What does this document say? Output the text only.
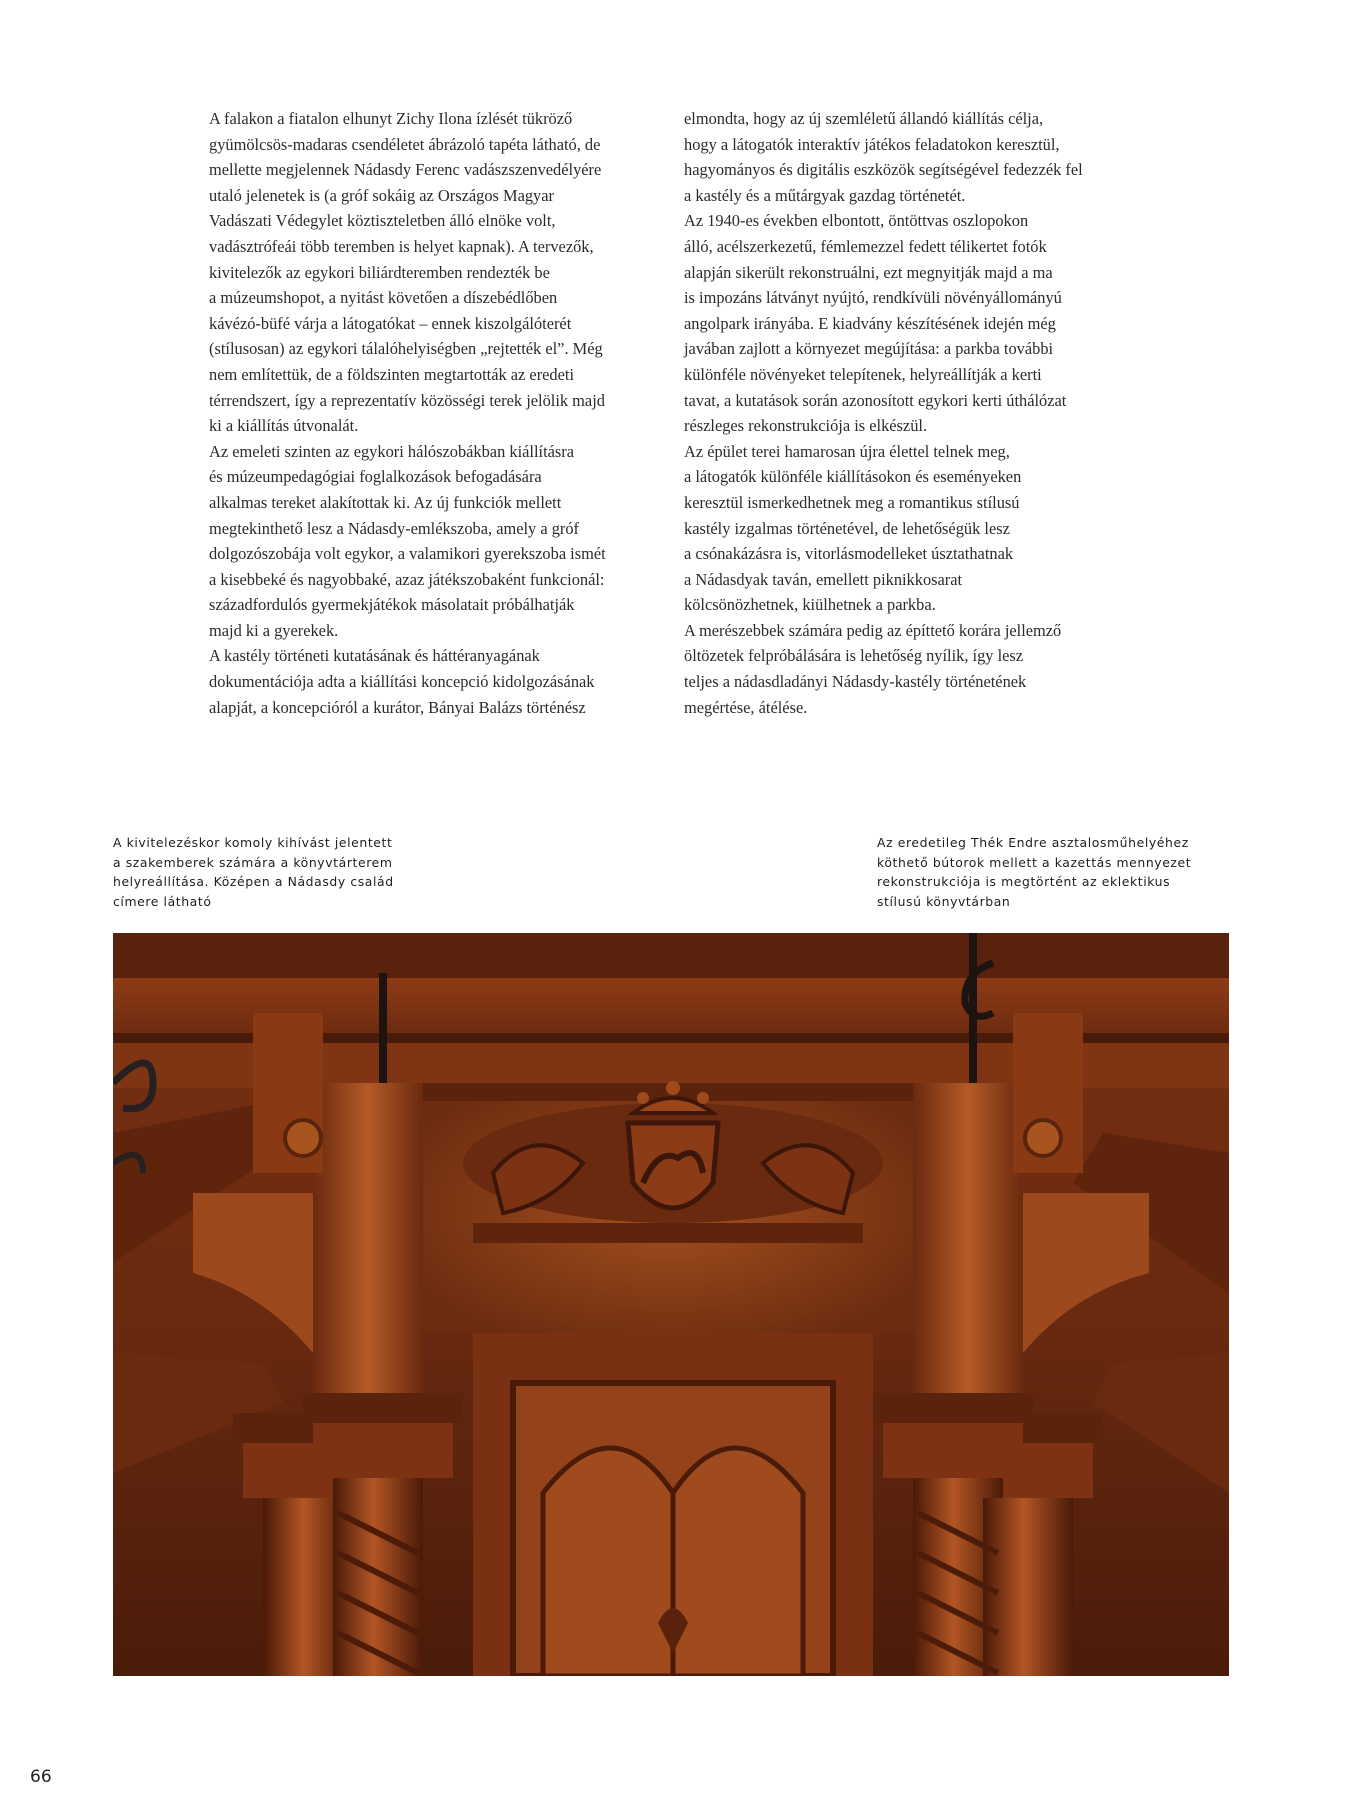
A falakon a fiatalon elhunyt Zichy Ilona ízlését tükröző

gyümölcsös-madaras csendéletet ábrázoló tapéta látható, de

mellette megjelennek Nádasdy Ferenc vadászszenvedélyére

utaló jelenetek is (a gróf sokáig az Országos Magyar

Vadászati Védegylet köztiszteletben álló elnöke volt,

vadásztrófeái több teremben is helyet kapnak). A tervezők,

kivitelezők az egykori biliárdteremben rendezték be

a múzeumshopot, a nyitást követően a díszebédlőben

kávézó-büfé várja a látogatókat – ennek kiszolgálóterét

(stílusosan) az egykori tálalóhelyiségben „rejtették el”. Még

nem említettük, de a földszinten megtartották az eredeti

térrendszert, így a reprezentatív közösségi terek jelölik majd

ki a kiállítás útvonalát.

Az emeleti szinten az egykori hálószobákban kiállításra

és múzeumpedagógiai foglalkozások befogadására

alkalmas tereket alakítottak ki. Az új funkciók mellett

megtekinthető lesz a Nádasdy-emlékszoba, amely a gróf

dolgozószobája volt egykor, a valamikori gyerekszoba ismét

a kisebbeké és nagyobbaké, azaz játékszobaként funkcionál:

századfordulós gyermekjátékok másolatait próbálhatják

majd ki a gyerekek.

A kastély történeti kutatásának és háttéranyagának

dokumentációja adta a kiállítási koncepció kidolgozásának

alapját, a koncepcióról a kurátor, Bányai Balázs történész

elmondta, hogy az új szemléletű állandó kiállítás célja,

hogy a látogatók interaktív játékos feladatokon keresztül,

hagyományos és digitális eszközök segítségével fedezzék fel

a kastély és a műtárgyak gazdag történetét.

Az 1940-es években elbontott, öntöttvas oszlopokon

álló, acélszerkezetű, fémlemezzel fedett télikertet fotók

alapján sikerült rekonstruálni, ezt megnyitják majd a ma

is impozáns látványt nyújtó, rendkívüli növényállományú

angolpark irányába. E kiadvány készítésének idején még

javában zajlott a környezet megújítása: a parkba további

különféle növényeket telepítenek, helyreállítják a kerti

tavat, a kutatások során azonosított egykori kerti úthálózat

részleges rekonstrukciója is elkészül.

Az épület terei hamarosan újra élettel telnek meg,

a látogatók különféle kiállításokon és eseményeken

keresztül ismerkedhetnek meg a romantikus stílusú

kastély izgalmas történetével, de lehetőségük lesz

a csónakázásra is, vitorlásmodelleket úsztathatnak

a Nádasdyak taván, emellett piknikkosarat

kölcsönözhetnek, kiülhetnek a parkba.

A merészebbek számára pedig az építtető korára jellemző

öltözetek felpróbálására is lehetőség nyílik, így lesz

teljes a nádasdladányi Nádasdy-kastély történetének

megértése, átélése.

A kivitelezéskor komoly kihívást jelentett
a szakemberek számára a könyvtárterem
helyreállítása. Középen a Nádasdy család
címere látható
Az eredetileg Thék Endre asztalosműhelyéhez
köthető bútorok mellett a kazettás mennyezet
rekonstrukciója is megtörtént az eklektikus
stílusú könyvtárban
66
